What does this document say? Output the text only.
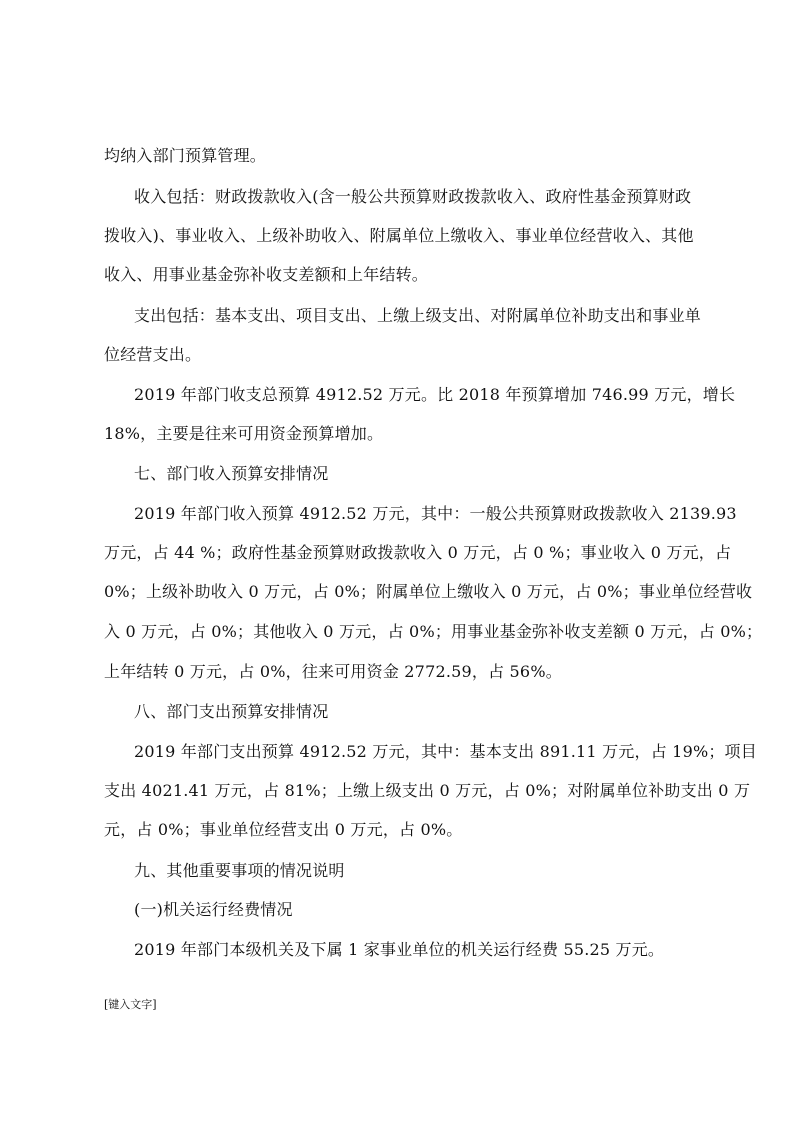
均纳入部门预算管理。
收入包括：财政拨款收入(含一般公共预算财政拨款收入、政府性基金预算财政
拨收入)、事业收入、上级补助收入、附属单位上缴收入、事业单位经营收入、其他
收入、用事业基金弥补收支差额和上年结转。
支出包括：基本支出、项目支出、上缴上级支出、对附属单位补助支出和事业单
位经营支出。
2019 年部门收支总预算 4912.52 万元。比 2018 年预算增加 746.99 万元，增长
18%，主要是往来可用资金预算增加。
七、部门收入预算安排情况
2019 年部门收入预算 4912.52 万元，其中：一般公共预算财政拨款收入 2139.93
万元，占 44 %；政府性基金预算财政拨款收入 0 万元，占 0 %；事业收入 0 万元，占
0%；上级补助收入 0 万元，占 0%；附属单位上缴收入 0 万元，占 0%；事业单位经营收
入 0 万元，占 0%；其他收入 0 万元，占 0%；用事业基金弥补收支差额 0 万元，占 0%；
上年结转 0 万元，占 0%，往来可用资金 2772.59，占 56%。
八、部门支出预算安排情况
2019 年部门支出预算 4912.52 万元，其中：基本支出 891.11 万元，占 19%；项目
支出 4021.41 万元，占 81%；上缴上级支出 0 万元，占 0%；对附属单位补助支出 0 万
元，占 0%；事业单位经营支出 0 万元，占 0%。
九、其他重要事项的情况说明
(一)机关运行经费情况
2019 年部门本级机关及下属 1 家事业单位的机关运行经费 55.25 万元。
[键入文字]
